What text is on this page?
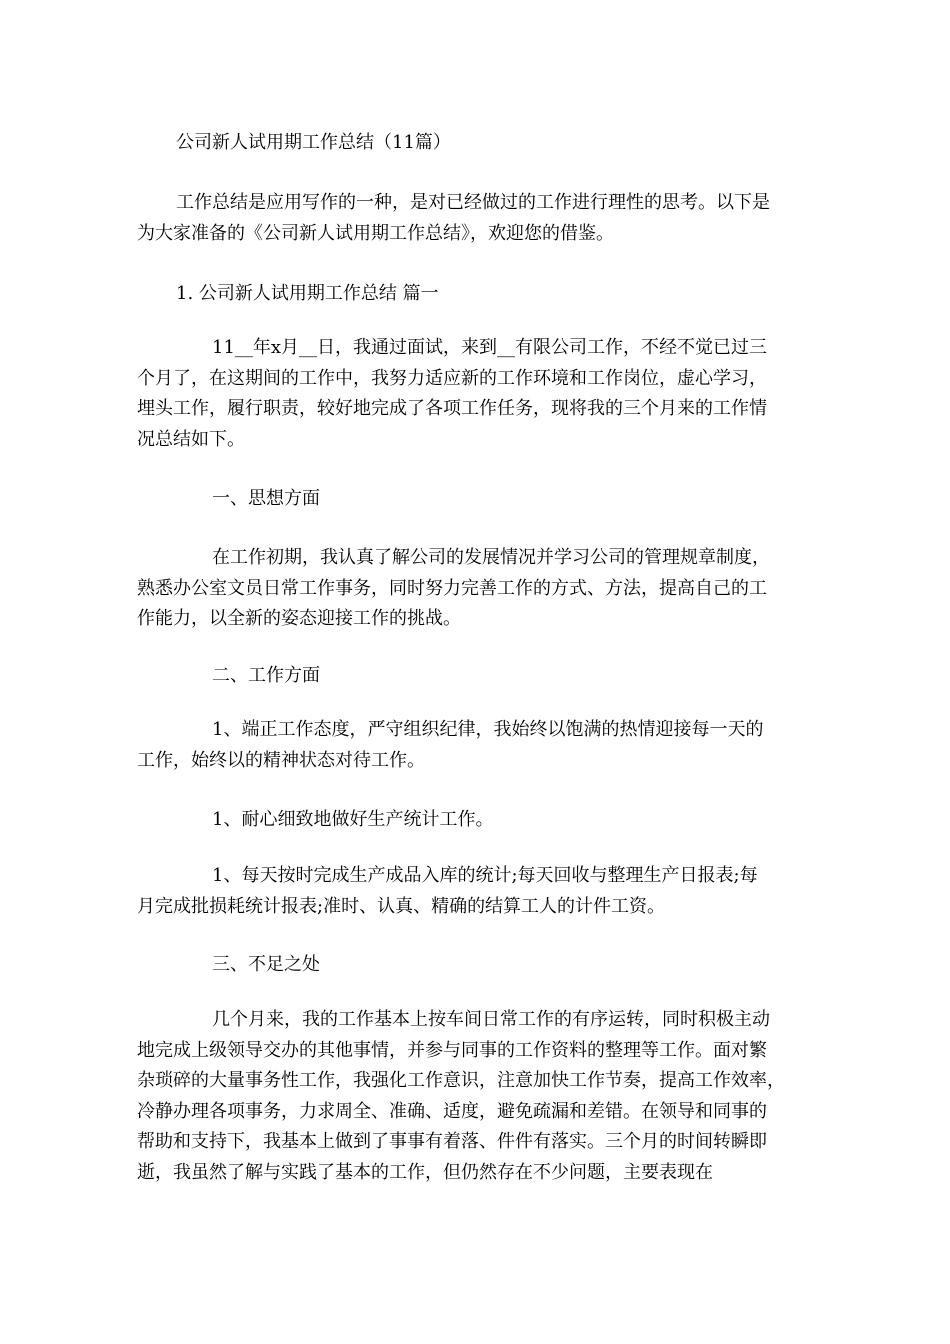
公司新人试用期工作总结（11篇）

工作总结是应用写作的一种，是对已经做过的工作进行理性的思考。以下是
为大家准备的《公司新人试用期工作总结》，欢迎您的借鉴。

1. 公司新人试用期工作总结 篇一

11__年x月__日，我通过面试，来到__有限公司工作，不经不觉已过三
个月了，在这期间的工作中，我努力适应新的工作环境和工作岗位，虚心学习，
埋头工作，履行职责，较好地完成了各项工作任务，现将我的三个月来的工作情
况总结如下。

一、思想方面

在工作初期，我认真了解公司的发展情况并学习公司的管理规章制度，
熟悉办公室文员日常工作事务，同时努力完善工作的方式、方法，提高自己的工
作能力，以全新的姿态迎接工作的挑战。

二、工作方面

1、端正工作态度，严守组织纪律，我始终以饱满的热情迎接每一天的
工作，始终以的精神状态对待工作。

1、耐心细致地做好生产统计工作。

1、每天按时完成生产成品入库的统计;每天回收与整理生产日报表;每
月完成批损耗统计报表;准时、认真、精确的结算工人的计件工资。

三、不足之处

几个月来，我的工作基本上按车间日常工作的有序运转，同时积极主动
地完成上级领导交办的其他事情，并参与同事的工作资料的整理等工作。面对繁
杂琐碎的大量事务性工作，我强化工作意识，注意加快工作节奏，提高工作效率，
冷静办理各项事务，力求周全、准确、适度，避免疏漏和差错。在领导和同事的
帮助和支持下，我基本上做到了事事有着落、件件有落实。三个月的时间转瞬即
逝，我虽然了解与实践了基本的工作，但仍然存在不少问题，主要表现在
